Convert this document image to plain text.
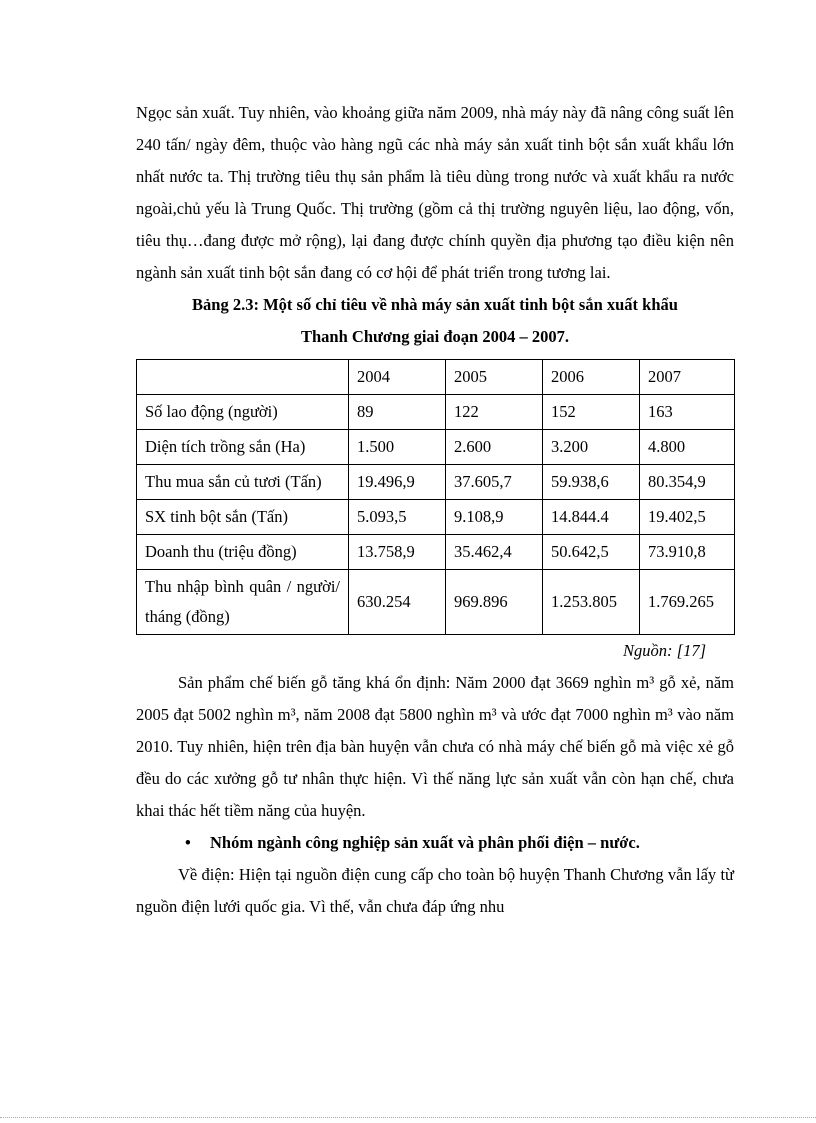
Ngọc sản xuất. Tuy nhiên, vào khoảng giữa năm 2009, nhà máy này đã nâng công suất lên 240 tấn/ ngày đêm, thuộc vào hàng ngũ các nhà máy sản xuất tinh bột sắn xuất khẩu lớn nhất nước ta. Thị trường tiêu thụ sản phẩm là tiêu dùng trong nước và xuất khẩu ra nước ngoài,chủ yếu là Trung Quốc. Thị trường (gồm cả thị trường nguyên liệu, lao động, vốn, tiêu thụ…đang được mở rộng), lại đang được chính quyền địa phương tạo điều kiện nên ngành sản xuất tinh bột sắn đang có cơ hội để phát triển trong tương lai.

Bảng 2.3: Một số chỉ tiêu về nhà máy sản xuất tinh bột sắn xuất khẩu
Thanh Chương giai đoạn 2004 – 2007.
	2004	2005	2006	2007
Số lao động (người)	89	122	152	163
Diện tích trồng sắn (Ha)	1.500	2.600	3.200	4.800
Thu mua sắn củ tươi (Tấn)	19.496,9	37.605,7	59.938,6	80.354,9
SX tinh bột sắn (Tấn)	5.093,5	9.108,9	14.844.4	19.402,5
Doanh thu (triệu đồng)	13.758,9	35.462,4	50.642,5	73.910,8
Thu nhập bình quân / người/ tháng (đồng)	630.254	969.896	1.253.805	1.769.265
Nguồn: [17]

Sản phẩm chế biến gỗ tăng khá ổn định: Năm 2000 đạt 3669 nghìn m³ gỗ xẻ, năm 2005 đạt 5002 nghìn m³, năm 2008 đạt 5800 nghìn m³ và ước đạt 7000 nghìn m³ vào năm 2010. Tuy nhiên, hiện trên địa bàn huyện vẫn chưa có nhà máy chế biến gỗ mà việc xẻ gỗ đều do các xưởng gỗ tư nhân thực hiện. Vì thế năng lực sản xuất vẫn còn hạn chế, chưa khai thác hết tiềm năng của huyện.

• Nhóm ngành công nghiệp sản xuất và phân phối điện – nước.

Về điện: Hiện tại nguồn điện cung cấp cho toàn bộ huyện Thanh Chương vẫn lấy từ nguồn điện lưới quốc gia. Vì thế, vẫn chưa đáp ứng nhu
